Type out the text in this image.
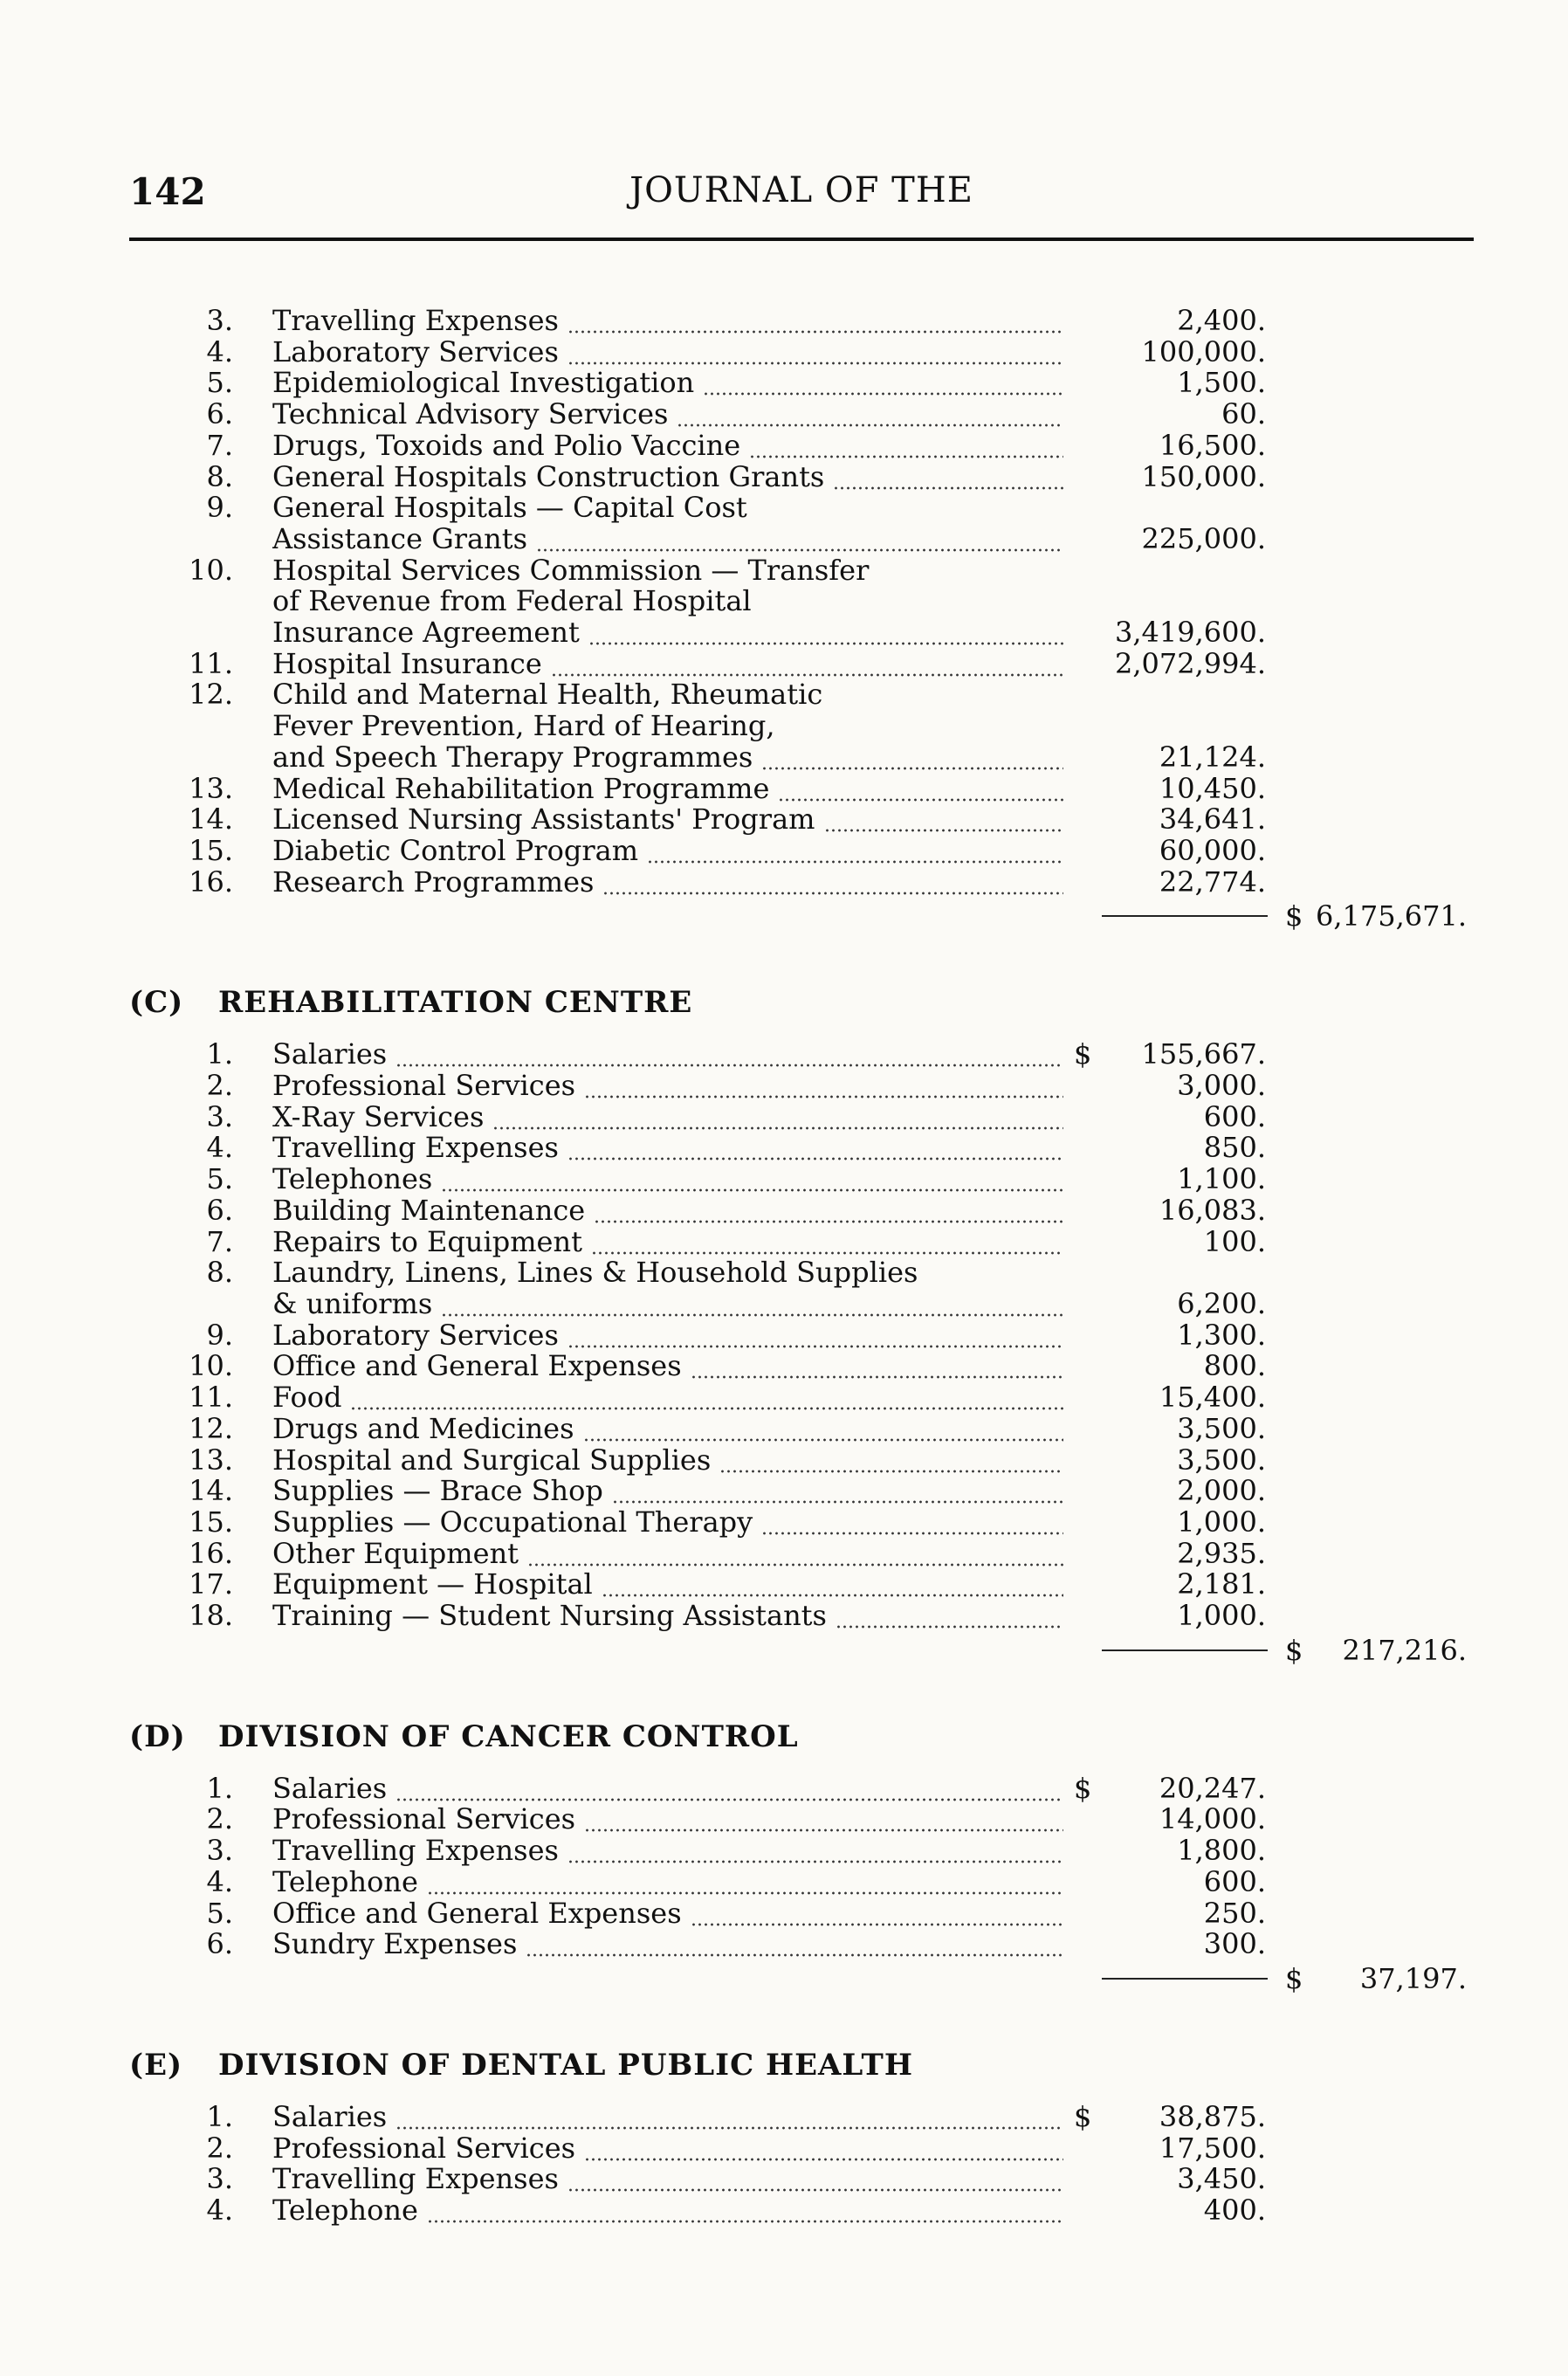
142	JOURNAL OF THE
3. Travelling Expenses	2,400.
4. Laboratory Services	100,000.
5. Epidemiological Investigation	1,500.
6. Technical Advisory Services	60.
7. Drugs, Toxoids and Polio Vaccine	16,500.
8. General Hospitals Construction Grants	150,000.
9. General Hospitals — Capital Cost
Assistance Grants	225,000.
10. Hospital Services Commission — Transfer
of Revenue from Federal Hospital
Insurance Agreement	3,419,600.
11. Hospital Insurance	2,072,994.
12. Child and Maternal Health, Rheumatic
Fever Prevention, Hard of Hearing,
and Speech Therapy Programmes	21,124.
13. Medical Rehabilitation Programme	10,450.
14. Licensed Nursing Assistants' Program	34,641.
15. Diabetic Control Program	60,000.
16. Research Programmes	22,774.
$ 6,175,671.
(C) REHABILITATION CENTRE
1. Salaries	$	155,667.
2. Professional Services	3,000.
3. X-Ray Services	600.
4. Travelling Expenses	850.
5. Telephones	1,100.
6. Building Maintenance	16,083.
7. Repairs to Equipment	100.
8. Laundry, Linens, Lines & Household Supplies
& uniforms	6,200.
9. Laboratory Services	1,300.
10. Office and General Expenses	800.
11. Food	15,400.
12. Drugs and Medicines	3,500.
13. Hospital and Surgical Supplies	3,500.
14. Supplies — Brace Shop	2,000.
15. Supplies — Occupational Therapy	1,000.
16. Other Equipment	2,935.
17. Equipment — Hospital	2,181.
18. Training — Student Nursing Assistants	1,000.
$	217,216.
(D) DIVISION OF CANCER CONTROL
1. Salaries	$	20,247.
2. Professional Services	14,000.
3. Travelling Expenses	1,800.
4. Telephone	600.
5. Office and General Expenses	250.
6. Sundry Expenses	300.
$	37,197.
(E) DIVISION OF DENTAL PUBLIC HEALTH
1. Salaries	$	38,875.
2. Professional Services	17,500.
3. Travelling Expenses	3,450.
4. Telephone	400.
